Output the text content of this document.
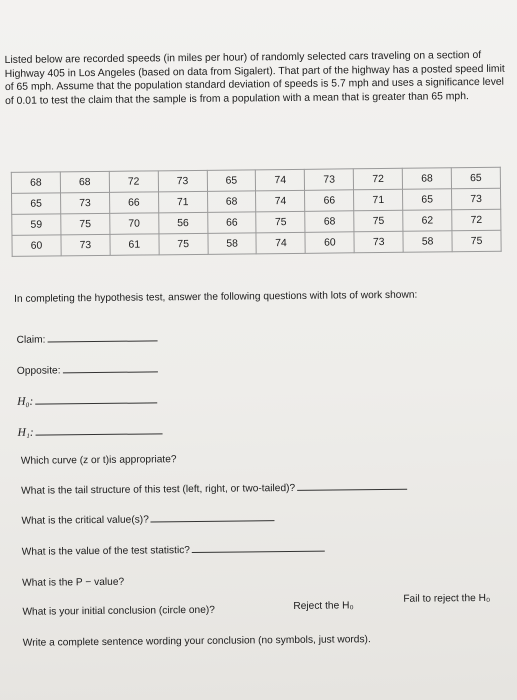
Listed below are recorded speeds (in miles per hour) of randomly selected cars traveling on a section of Highway 405 in Los Angeles (based on data from Sigalert). That part of the highway has a posted speed limit of 65 mph. Assume that the population standard deviation of speeds is 5.7 mph and uses a significance level of 0.01 to test the claim that the sample is from a population with a mean that is greater than 65 mph.

68	68	72	73	65	74	73	72	68	65
65	73	66	71	68	74	66	71	65	73
59	75	70	56	66	75	68	75	62	72
60	73	61	75	58	74	60	73	58	75
In completing the hypothesis test, answer the following questions with lots of work shown:
Claim:
Opposite:
H₀:
H₁:
Which curve (z or t)is appropriate?
What is the tail structure of this test (left, right, or two-tailed)?
What is the critical value(s)?
What is the value of the test statistic?
What is the P − value?
What is your initial conclusion (circle one)?	Reject the H₀
Fail to reject the H₀
Write a complete sentence wording your conclusion (no symbols, just words).
